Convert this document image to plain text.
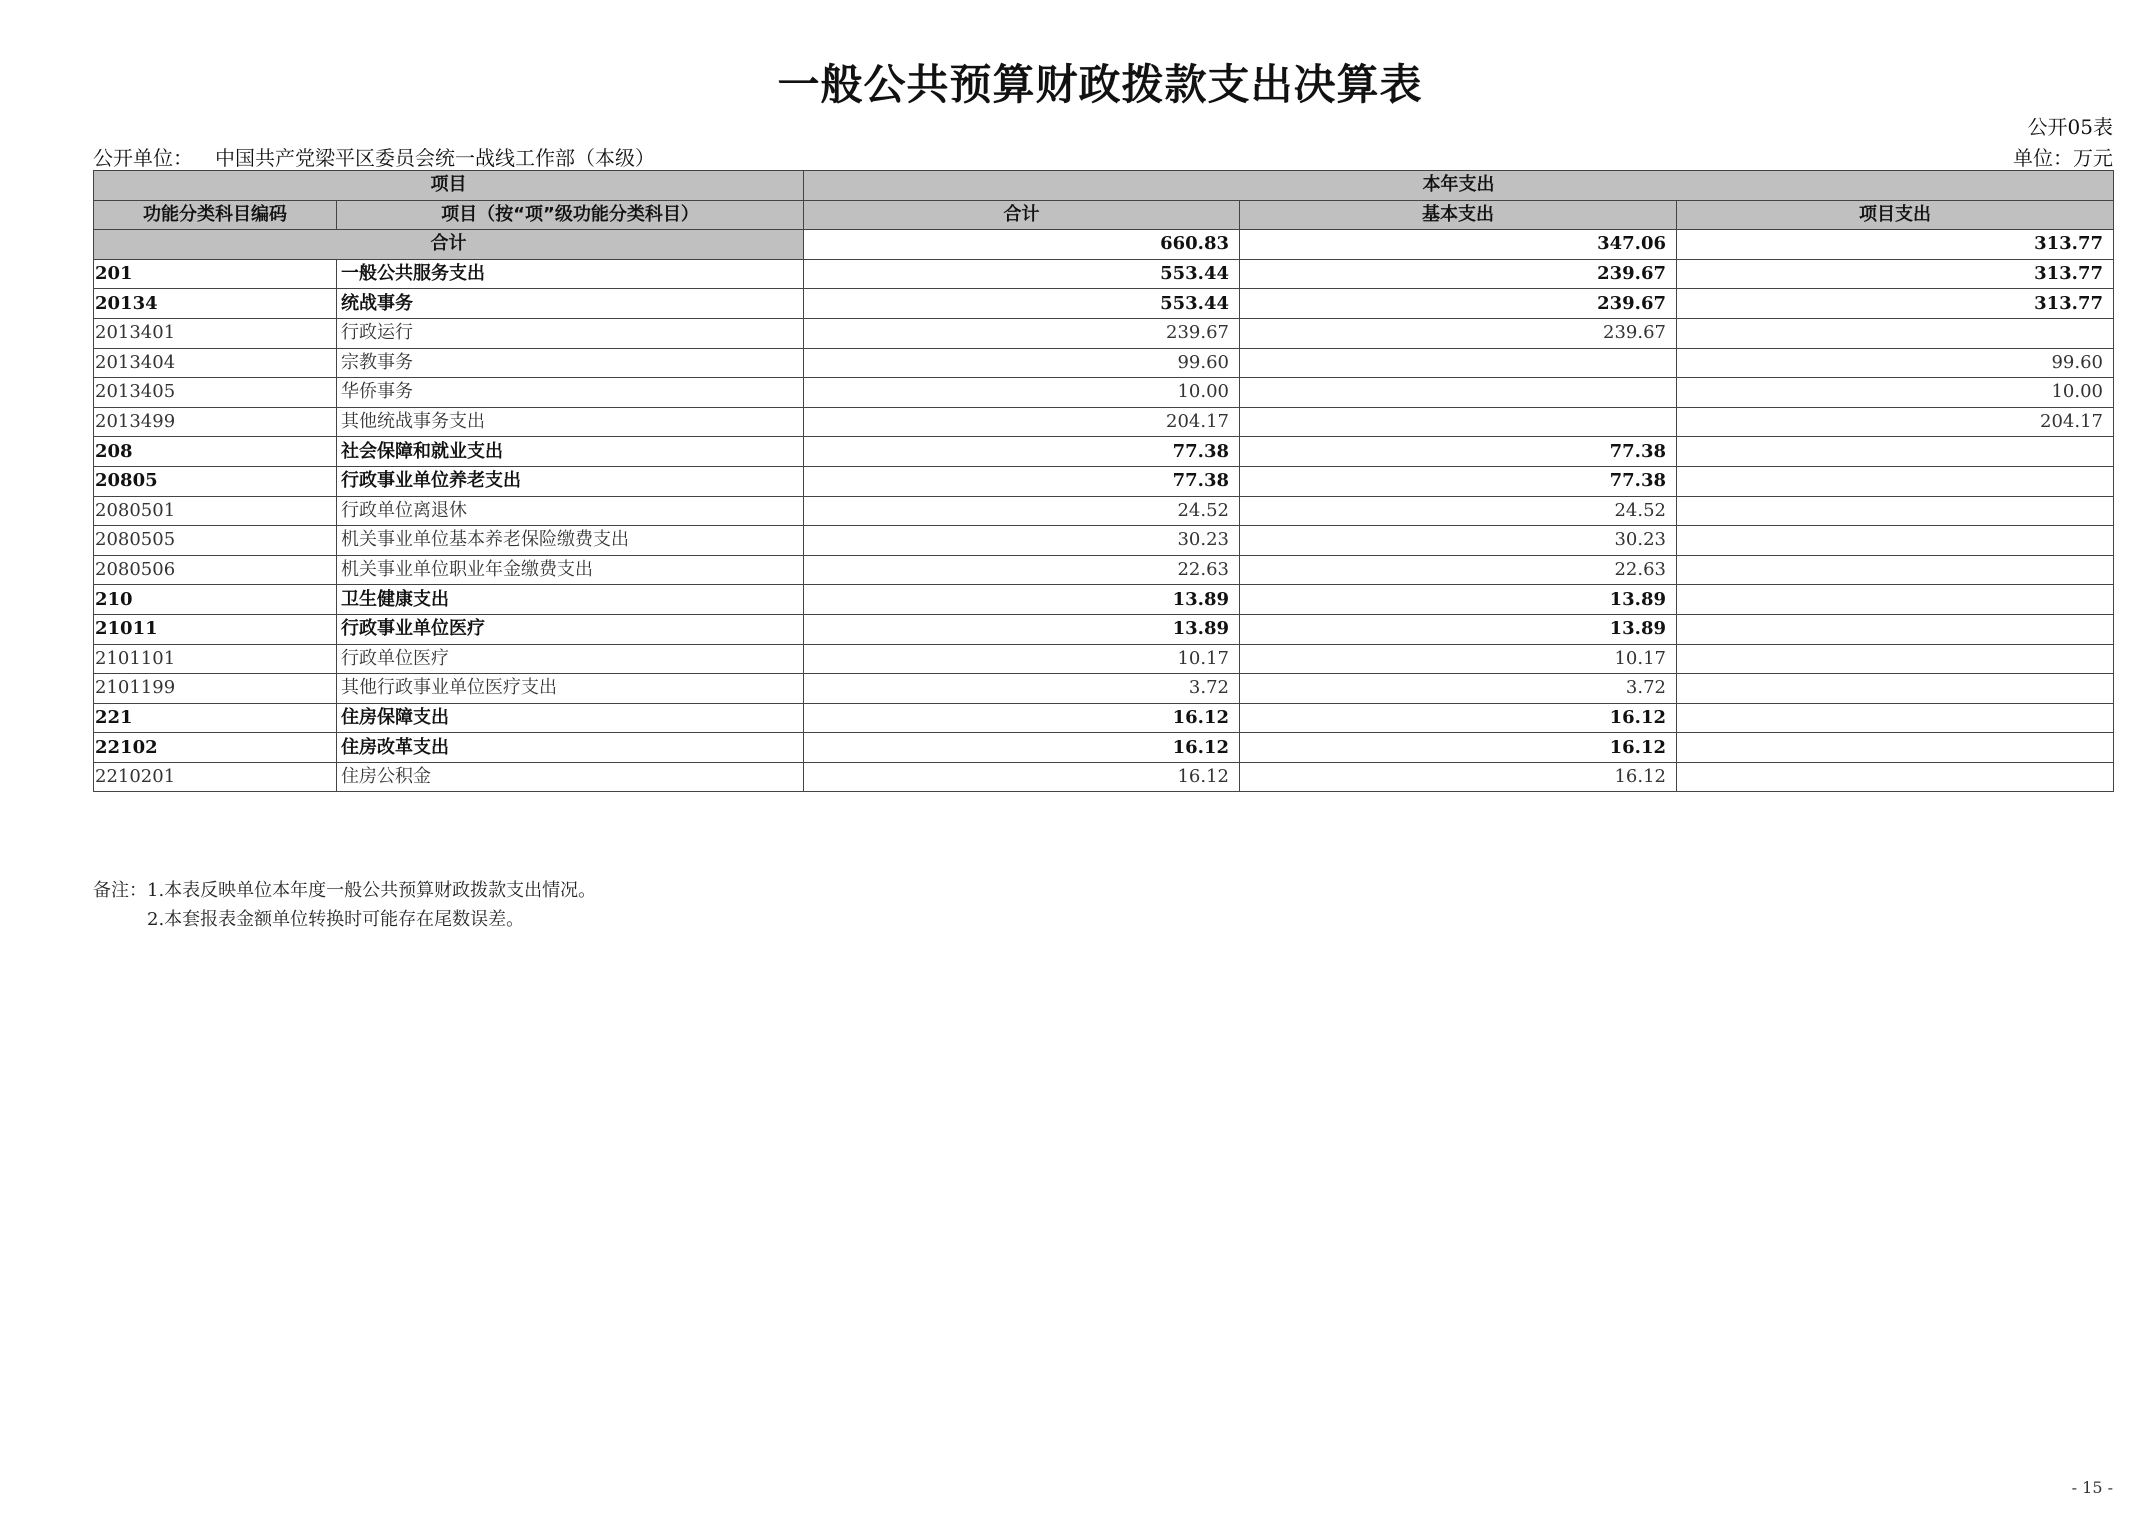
一般公共预算财政拨款支出决算表
公开05表
公开单位： 中国共产党梁平区委员会统一战线工作部（本级）	单位：万元
项目		本年支出		
功能分类科目编码	项目（按“项”级功能分类科目）	合计	基本支出	项目支出
合计		660.83	347.06	313.77
201	一般公共服务支出	553.44	239.67	313.77
20134	统战事务	553.44	239.67	313.77
2013401	行政运行	239.67	239.67	
2013404	宗教事务	99.60		99.60
2013405	华侨事务	10.00		10.00
2013499	其他统战事务支出	204.17		204.17
208	社会保障和就业支出	77.38	77.38	
20805	行政事业单位养老支出	77.38	77.38	
2080501	行政单位离退休	24.52	24.52	
2080505	机关事业单位基本养老保险缴费支出	30.23	30.23	
2080506	机关事业单位职业年金缴费支出	22.63	22.63	
210	卫生健康支出	13.89	13.89	
21011	行政事业单位医疗	13.89	13.89	
2101101	行政单位医疗	10.17	10.17	
2101199	其他行政事业单位医疗支出	3.72	3.72	
221	住房保障支出	16.12	16.12	
22102	住房改革支出	16.12	16.12	
2210201	住房公积金	16.12	16.12	
备注：1.本表反映单位本年度一般公共预算财政拨款支出情况。
2.本套报表金额单位转换时可能存在尾数误差。
- 15 -
